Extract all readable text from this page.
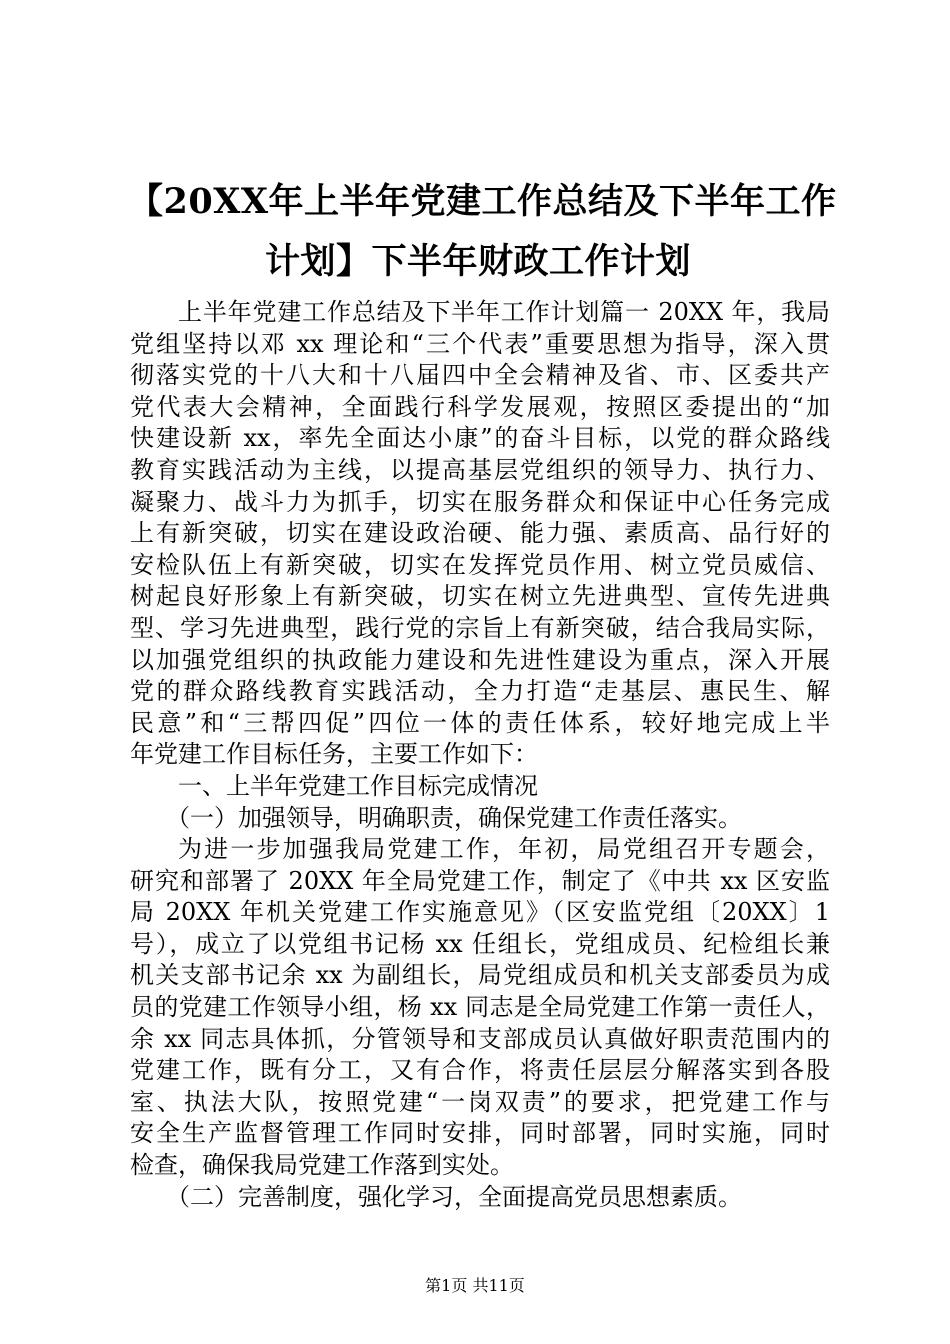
【20XX年上半年党建工作总结及下半年工作
计划】下半年财政工作计划
上半年党建工作总结及下半年工作计划篇一 20XX 年，我局
党组坚持以邓 xx 理论和“三个代表”重要思想为指导，深入贯
彻落实党的十八大和十八届四中全会精神及省、市、区委共产
党代表大会精神，全面践行科学发展观，按照区委提出的“加
快建设新 xx，率先全面达小康”的奋斗目标，以党的群众路线
教育实践活动为主线，以提高基层党组织的领导力、执行力、
凝聚力、战斗力为抓手，切实在服务群众和保证中心任务完成
上有新突破，切实在建设政治硬、能力强、素质高、品行好的
安检队伍上有新突破，切实在发挥党员作用、树立党员威信、
树起良好形象上有新突破，切实在树立先进典型、宣传先进典
型、学习先进典型，践行党的宗旨上有新突破，结合我局实际，
以加强党组织的执政能力建设和先进性建设为重点，深入开展
党的群众路线教育实践活动，全力打造“走基层、惠民生、解
民意”和“三帮四促”四位一体的责任体系，较好地完成上半
年党建工作目标任务，主要工作如下：
一、上半年党建工作目标完成情况
（一）加强领导，明确职责，确保党建工作责任落实。
为进一步加强我局党建工作，年初，局党组召开专题会，
研究和部署了 20XX 年全局党建工作，制定了《中共 xx 区安监
局 20XX 年机关党建工作实施意见》（区安监党组〔20XX〕1
号），成立了以党组书记杨 xx 任组长，党组成员、纪检组长兼
机关支部书记余 xx 为副组长，局党组成员和机关支部委员为成
员的党建工作领导小组，杨 xx 同志是全局党建工作第一责任人，
余 xx 同志具体抓，分管领导和支部成员认真做好职责范围内的
党建工作，既有分工，又有合作，将责任层层分解落实到各股
室、执法大队，按照党建“一岗双责”的要求，把党建工作与
安全生产监督管理工作同时安排，同时部署，同时实施，同时
检查，确保我局党建工作落到实处。
（二）完善制度，强化学习，全面提高党员思想素质。
第1页 共11页
